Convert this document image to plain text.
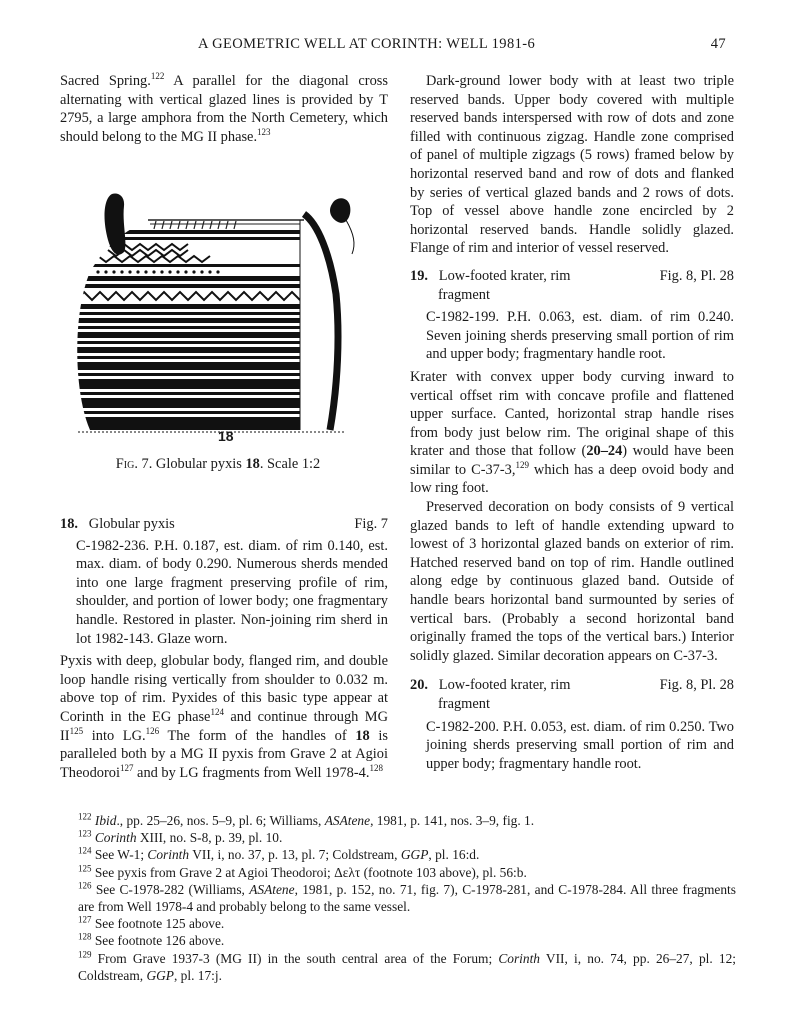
A GEOMETRIC WELL AT CORINTH: WELL 1981-6	47

Sacred Spring.$^{122}$ A parallel for the diagonal cross alternating with vertical glazed lines is provided by T 2795, a large amphora from the North Cemetery, which should belong to the MG II phase.$^{123}$

18
Fig. 7. Globular pyxis 18. Scale 1:2
18. Globular pyxis	Fig. 7

C-1982-236. P.H. 0.187, est. diam. of rim 0.140, est. max. diam. of body 0.290. Numerous sherds mended into one large fragment preserving profile of rim, shoulder, and portion of lower body; one fragmentary handle. Restored in plaster. Non-joining rim sherd in lot 1982-143. Glaze worn.

Pyxis with deep, globular body, flanged rim, and double loop handle rising vertically from shoulder to 0.032 m. above top of rim. Pyxides of this basic type appear at Corinth in the EG phase$^{124}$ and continue through MG II$^{125}$ into LG.$^{126}$ The form of the handles of 18 is paralleled both by a MG II pyxis from Grave 2 at Agioi Theodoroi$^{127}$ and by LG fragments from Well 1978-4.$^{128}$

Dark-ground lower body with at least two triple reserved bands. Upper body covered with multiple reserved bands interspersed with row of dots and zone filled with continuous zigzag. Handle zone comprised of panel of multiple zigzags (5 rows) framed below by horizontal reserved band and row of dots and flanked by series of vertical glazed bands and 2 rows of dots. Top of vessel above handle zone encircled by 2 horizontal reserved bands. Handle solidly glazed. Flange of rim and interior of vessel reserved.

19. Low-footed krater, rim	Fig. 8, Pl. 28
fragment

C-1982-199. P.H. 0.063, est. diam. of rim 0.240. Seven joining sherds preserving small portion of rim and upper body; fragmentary handle root.

Krater with convex upper body curving inward to vertical offset rim with concave profile and flattened upper surface. Canted, horizontal strap handle rises from body just below rim. The original shape of this krater and those that follow (20–24) would have been similar to C-37-3,$^{129}$ which has a deep ovoid body and low ring foot.

Preserved decoration on body consists of 9 vertical glazed bands to left of handle extending upward to lowest of 3 horizontal glazed bands on exterior of rim. Hatched reserved band on top of rim. Handle outlined along edge by continuous glazed band. Outside of handle bears horizontal band surmounted by series of vertical bars. (Probably a second horizontal band originally framed the tops of the vertical bars.) Interior solidly glazed. Similar decoration appears on C-37-3.

20. Low-footed krater, rim	Fig. 8, Pl. 28
fragment

C-1982-200. P.H. 0.053, est. diam. of rim 0.250. Two joining sherds preserving small portion of rim and upper body; fragmentary handle root.

$^{122}$ Ibid., pp. 25–26, nos. 5–9, pl. 6; Williams, ASAtene, 1981, p. 141, nos. 3–9, fig. 1.

$^{123}$ Corinth XIII, no. S-8, p. 39, pl. 10.

$^{124}$ See W-1; Corinth VII, i, no. 37, p. 13, pl. 7; Coldstream, GGP, pl. 16:d.

$^{125}$ See pyxis from Grave 2 at Agioi Theodoroi; Δελτ (footnote 103 above), pl. 56:b.

$^{126}$ See C-1978-282 (Williams, ASAtene, 1981, p. 152, no. 71, fig. 7), C-1978-281, and C-1978-284. All three fragments are from Well 1978-4 and probably belong to the same vessel.

$^{127}$ See footnote 125 above.

$^{128}$ See footnote 126 above.

$^{129}$ From Grave 1937-3 (MG II) in the south central area of the Forum; Corinth VII, i, no. 74, pp. 26–27, pl. 12; Coldstream, GGP, pl. 17:j.
